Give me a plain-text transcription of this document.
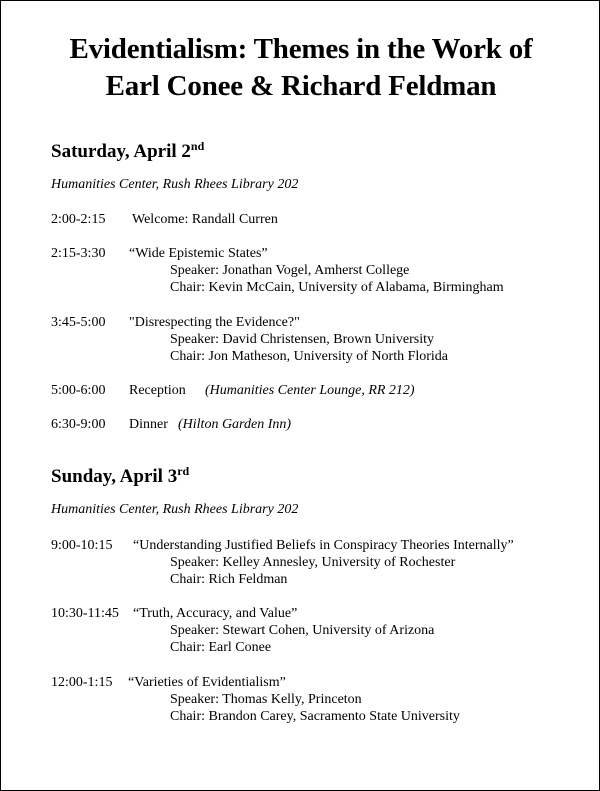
Evidentialism: Themes in the Work of
Earl Conee & Richard Feldman
Saturday, April 2nd
Humanities Center, Rush Rhees Library 202
2:00-2:15 Welcome: Randall Curren
2:15-3:30 “Wide Epistemic States”
Speaker: Jonathan Vogel, Amherst College
Chair: Kevin McCain, University of Alabama, Birmingham
3:45-5:00 "Disrespecting the Evidence?"
Speaker: David Christensen, Brown University
Chair: Jon Matheson, University of North Florida
5:00-6:00 Reception (Humanities Center Lounge, RR 212)
6:30-9:00 Dinner (Hilton Garden Inn)
Sunday, April 3rd
Humanities Center, Rush Rhees Library 202
9:00-10:15 “Understanding Justified Beliefs in Conspiracy Theories Internally”
Speaker: Kelley Annesley, University of Rochester
Chair: Rich Feldman
10:30-11:45 “Truth, Accuracy, and Value”
Speaker: Stewart Cohen, University of Arizona
Chair: Earl Conee
12:00-1:15 “Varieties of Evidentialism”
Speaker: Thomas Kelly, Princeton
Chair: Brandon Carey, Sacramento State University
